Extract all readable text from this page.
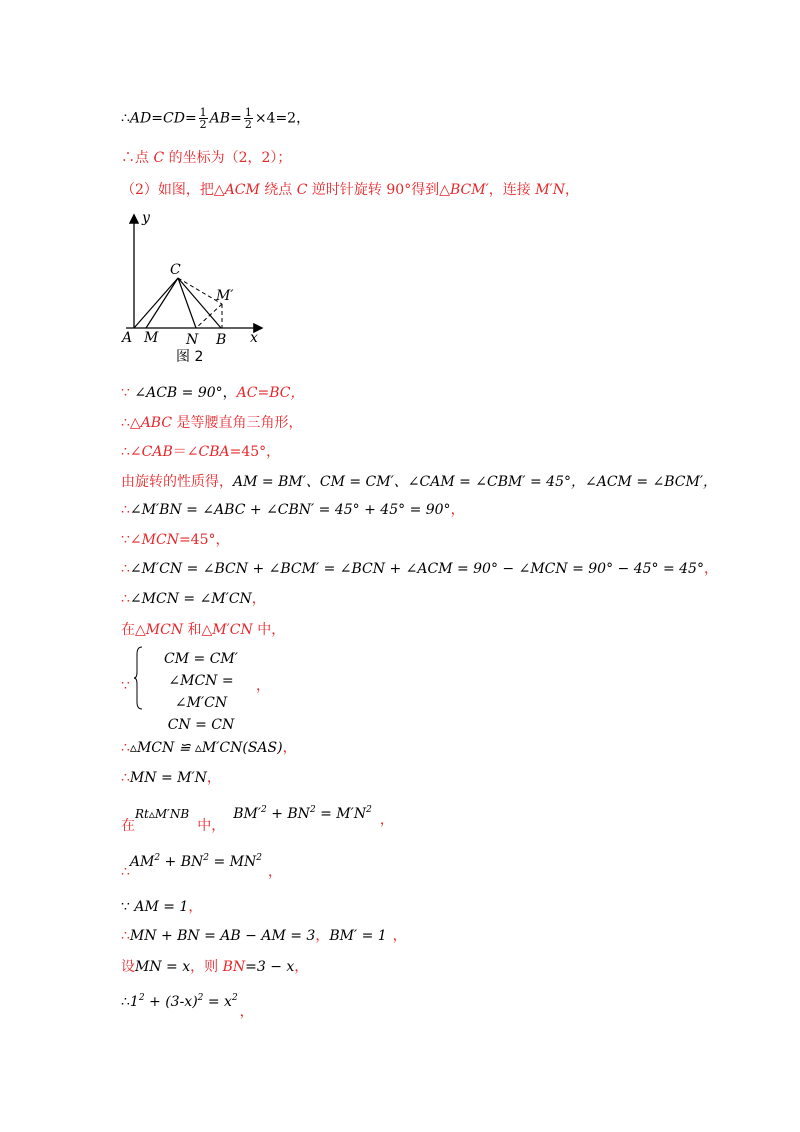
∴AD=CD= $\frac{1}{2} AB= \frac{1}{2} \times 4=2$，
∴点 C 的坐标为（2，2）；
（2）如图，把△ACM 绕点 C 逆时针旋转 90°得到△BCM′，连接 M′N，
y
x
C
M′
A M N B
图 2
∵ ∠ACB = 90°，AC=BC，
∴△ABC 是等腰直角三角形，
∴∠CAB＝∠CBA=45°，
由旋转的性质得，AM = BM′、CM = CM′、∠CAM = ∠CBM′ = 45°，∠ACM = ∠BCM′，
∴∠M′BN = ∠ABC + ∠CBN′ = 45° + 45° = 90°，
∵∠MCN=45°，
∴∠M′CN = ∠BCN + ∠BCM′ = ∠BCN + ∠ACM = 90° − ∠MCN = 90° − 45° = 45°，
∴∠MCN = ∠M′CN，
在△MCN 和△M′CN 中，
∵
CM = CM′
∠MCN = ∠M′CN
CN = CN
，
∴▵MCN ≌ ▵M′CN(SAS)，
∴MN = M′N，
在Rt▵M′NB中，$BM'^2 + BN^2 = M'N^2$，
$\therefore AM^2 + BN^2 = MN^2$，
∵ AM = 1，
∴MN + BN = AB − AM = 3，BM′ = 1 ，
设MN = x，则 BN=3 − x，
$\therefore 1^2 + (3-x)^2 = x^2$，
